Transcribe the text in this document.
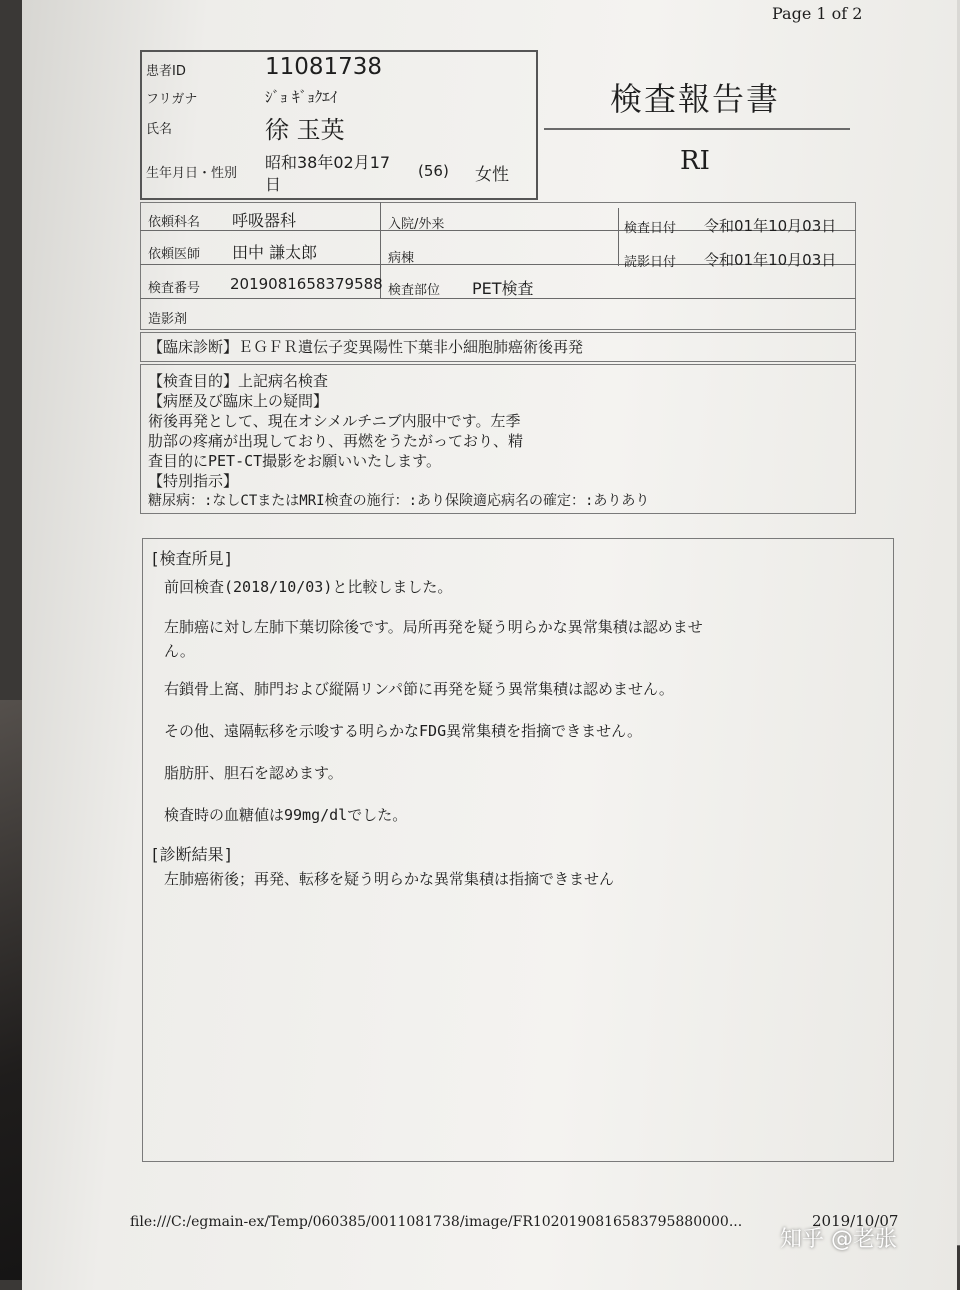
Page 1 of 2
患者ID	11081738
フリガナ	ｼﾞｮ ｷﾞｮｸｴｲ
氏名	徐 玉英
生年月日・性別
昭和38年02月17
日
(56) 女性
検査報告書
RI
依頼科名 呼吸器科	入院/外来	検査日付 令和01年10月03日
依頼医師 田中 謙太郎	病棟	読影日付 令和01年10月03日
検査番号 2019081658379588 検査部位 PET検査
造影剤
【臨床診断】ＥＧＦＲ遺伝子変異陽性下葉非小細胞肺癌術後再発
【検査目的】上記病名検査
【病歴及び臨床上の疑問】
術後再発として、現在オシメルチニブ内服中です。左季
肋部の疼痛が出現しており、再燃をうたがっており、精
査目的にPET-CT撮影をお願いいたします。
【特別指示】
糖尿病：:なしCTまたはMRI検査の施行：:あり保険適応病名の確定：:ありあり
[検査所見]
前回検査(2018/10/03)と比較しました。
左肺癌に対し左肺下葉切除後です。局所再発を疑う明らかな異常集積は認めませ
ん。
右鎖骨上窩、肺門および縦隔リンパ節に再発を疑う異常集積は認めません。
その他、遠隔転移を示唆する明らかなFDG異常集積を指摘できません。
脂肪肝、胆石を認めます。
検査時の血糖値は99mg/dlでした。
[診断結果]
左肺癌術後；再発、転移を疑う明らかな異常集積は指摘できません
file:///C:/egmain-ex/Temp/060385/0011081738/image/FR1020190816583795880000...	2019/10/07
知乎 @老张
